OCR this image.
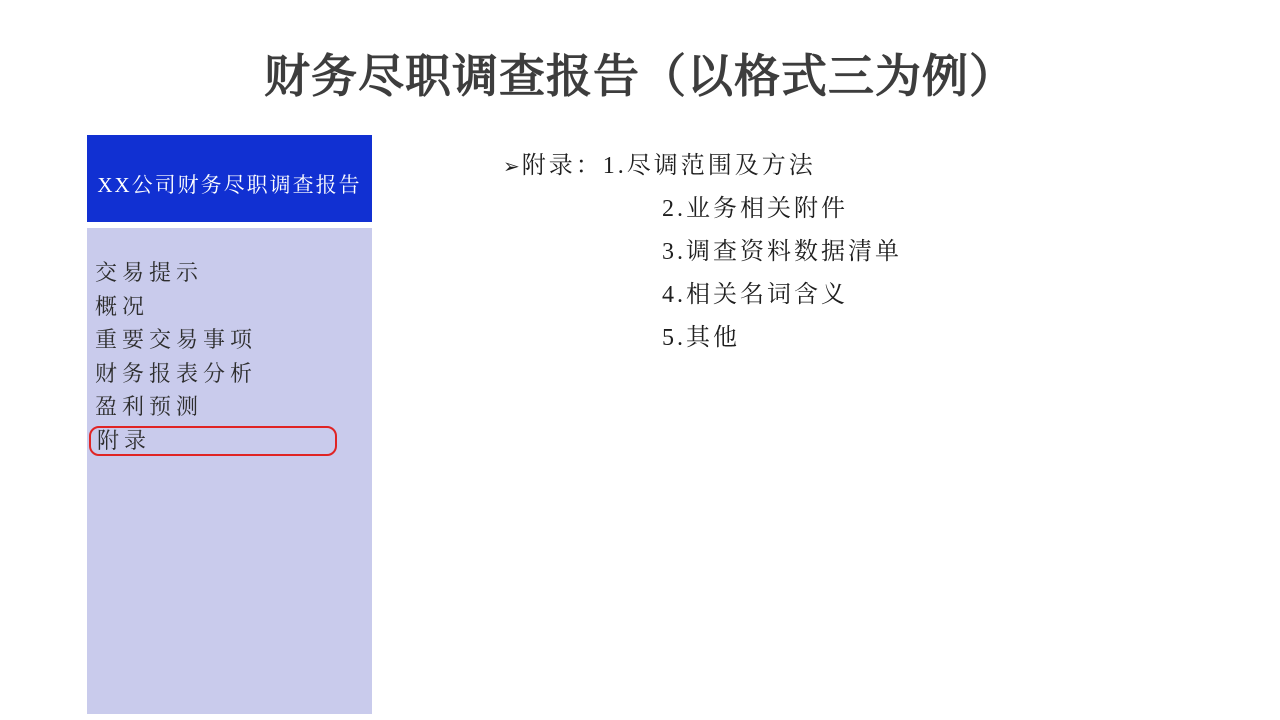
财务尽职调查报告（以格式三为例）
XX公司财务尽职调查报告
交易提示
概况
重要交易事项
财务报表分析
盈利预测
附录
➢附录：1.尽调范围及方法
2.业务相关附件
3.调查资料数据清单
4.相关名词含义
5.其他
